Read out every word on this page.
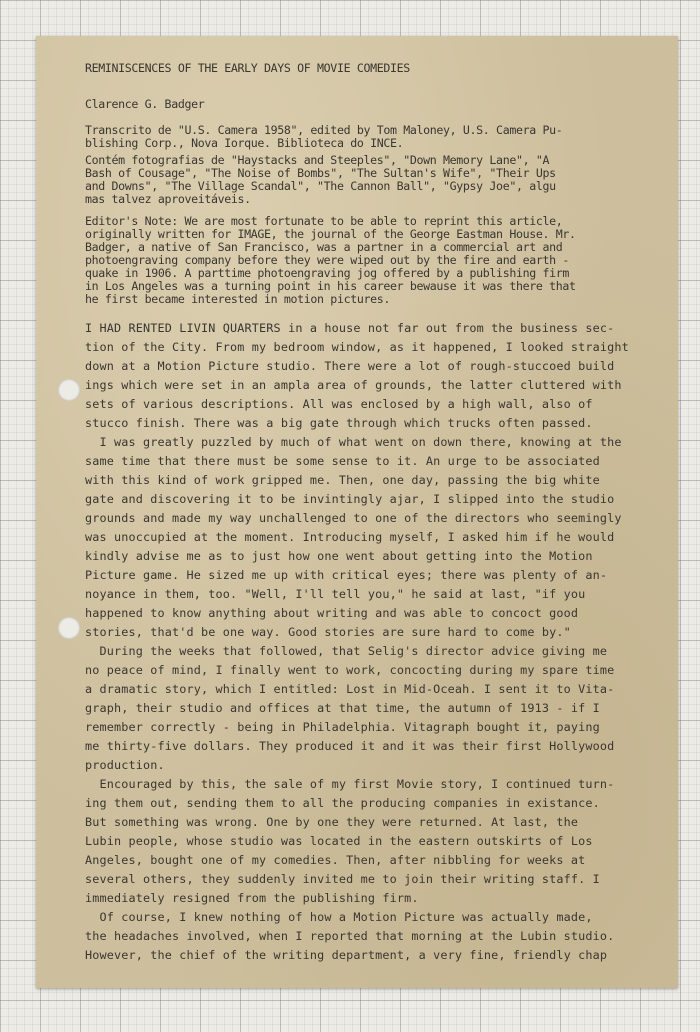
REMINISCENCES OF THE EARLY DAYS OF MOVIE COMEDIES

Clarence G. Badger

Transcrito de "U.S. Camera 1958", edited by Tom Maloney, U.S. Camera Pu-

blishing Corp., Nova Iorque. Biblioteca do INCE.

Contém fotografias de "Haystacks and Steeples", "Down Memory Lane", "A

Bash of Cousage", "The Noise of Bombs", "The Sultan's Wife", "Their Ups

and Downs", "The Village Scandal", "The Cannon Ball", "Gypsy Joe", algu

mas talvez aproveitáveis.

Editor's Note: We are most fortunate to be able to reprint this article,

originally written for IMAGE, the journal of the George Eastman House. Mr.

Badger, a native of San Francisco, was a partner in a commercial art and

photoengraving company before they were wiped out by the fire and earth -

quake in 1906. A parttime photoengraving jog offered by a publishing firm

in Los Angeles was a turning point in his career bewause it was there that

he first became interested in motion pictures.

I HAD RENTED LIVIN QUARTERS in a house not far out from the business sec-

tion of the City. From my bedroom window, as it happened, I looked straight

down at a Motion Picture studio. There were a lot of rough-stuccoed build

ings which were set in an ampla area of grounds, the latter cluttered with

sets of various descriptions. All was enclosed by a high wall, also of

stucco finish. There was a big gate through which trucks often passed.

I was greatly puzzled by much of what went on down there, knowing at the

same time that there must be some sense to it. An urge to be associated

with this kind of work gripped me. Then, one day, passing the big white

gate and discovering it to be invintingly ajar, I slipped into the studio

grounds and made my way unchallenged to one of the directors who seemingly

was unoccupied at the moment. Introducing myself, I asked him if he would

kindly advise me as to just how one went about getting into the Motion

Picture game. He sized me up with critical eyes; there was plenty of an-

noyance in them, too. "Well, I'll tell you," he said at last, "if you

happened to know anything about writing and was able to concoct good

stories, that'd be one way. Good stories are sure hard to come by."

During the weeks that followed, that Selig's director advice giving me

no peace of mind, I finally went to work, concocting during my spare time

a dramatic story, which I entitled: Lost in Mid-Oceah. I sent it to Vita-

graph, their studio and offices at that time, the autumn of 1913 - if I

remember correctly - being in Philadelphia. Vitagraph bought it, paying

me thirty-five dollars. They produced it and it was their first Hollywood

production.

Encouraged by this, the sale of my first Movie story, I continued turn-

ing them out, sending them to all the producing companies in existance.

But something was wrong. One by one they were returned. At last, the

Lubin people, whose studio was located in the eastern outskirts of Los

Angeles, bought one of my comedies. Then, after nibbling for weeks at

several others, they suddenly invited me to join their writing staff. I

immediately resigned from the publishing firm.

Of course, I knew nothing of how a Motion Picture was actually made,

the headaches involved, when I reported that morning at the Lubin studio.

However, the chief of the writing department, a very fine, friendly chap
